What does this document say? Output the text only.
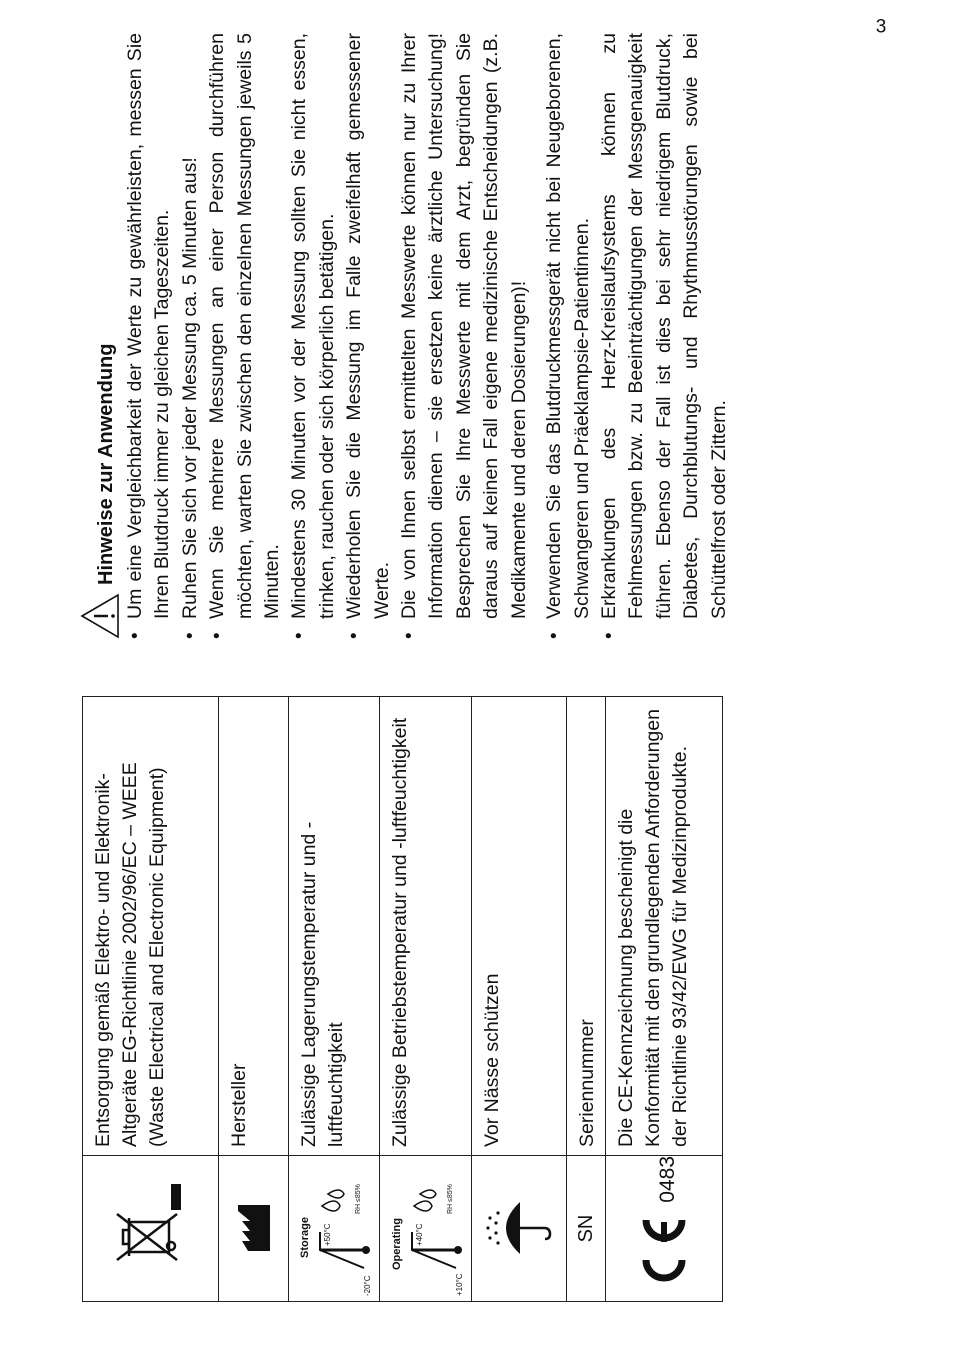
	Entsorgung gemäß Elektro- und Elektronik-Altgeräte EG-Richtlinie 2002/96/EC – WEEE (Waste Electrical and Electronic Equipment)

	Hersteller

Storage +50°C
-20°C
RH ≤85%	Zulässige Lagerungstemperatur und -luftfeuchtigkeit

Operating +40°C
+10°C
RH ≤85%	Zulässige Betriebstemperatur und -luftfeuchtigkeit

	Vor Nässe schützen
SN	Seriennummer

0483	Die CE-Kennzeichnung bescheinigt die Konformität mit den grundlegenden Anforderungen der Richtlinie 93/42/EWG für Medizinprodukte.
Hinweise zur Anwendung • Um eine Vergleichbarkeit der Werte zu gewährleisten, messen Sie Ihren Blutdruck immer zu gleichen Tageszeiten. • Ruhen Sie sich vor jeder Messung ca. 5 Minuten aus! • Wenn Sie mehrere Messungen an einer Person durchführen möchten, warten Sie zwischen den einzelnen Messungen jeweils 5 Minuten. • Mindestens 30 Minuten vor der Messung sollten Sie nicht essen, trinken, rauchen oder sich körperlich betätigen. • Wiederholen Sie die Messung im Falle zweifelhaft gemessener Werte. • Die von Ihnen selbst ermittelten Messwerte können nur zu Ihrer Information dienen – sie ersetzen keine ärztliche Untersuchung! Besprechen Sie Ihre Messwerte mit dem Arzt, begründen Sie daraus auf keinen Fall eigene medizinische Entscheidungen (z.B. Medikamente und deren Dosierungen)! • Verwenden Sie das Blutdruckmessgerät nicht bei Neugeborenen, Schwangeren und Präeklampsie-Patientinnen. • Erkrankungen des Herz-Kreislaufsystems können zu Fehlmessungen bzw. zu Beeinträchtigungen der Messgenauigkeit führen. Ebenso der Fall ist dies bei sehr niedrigem Blutdruck, Diabetes, Durchblutungs- und Rhythmusstörungen sowie bei Schüttelfrost oder Zittern.
3
